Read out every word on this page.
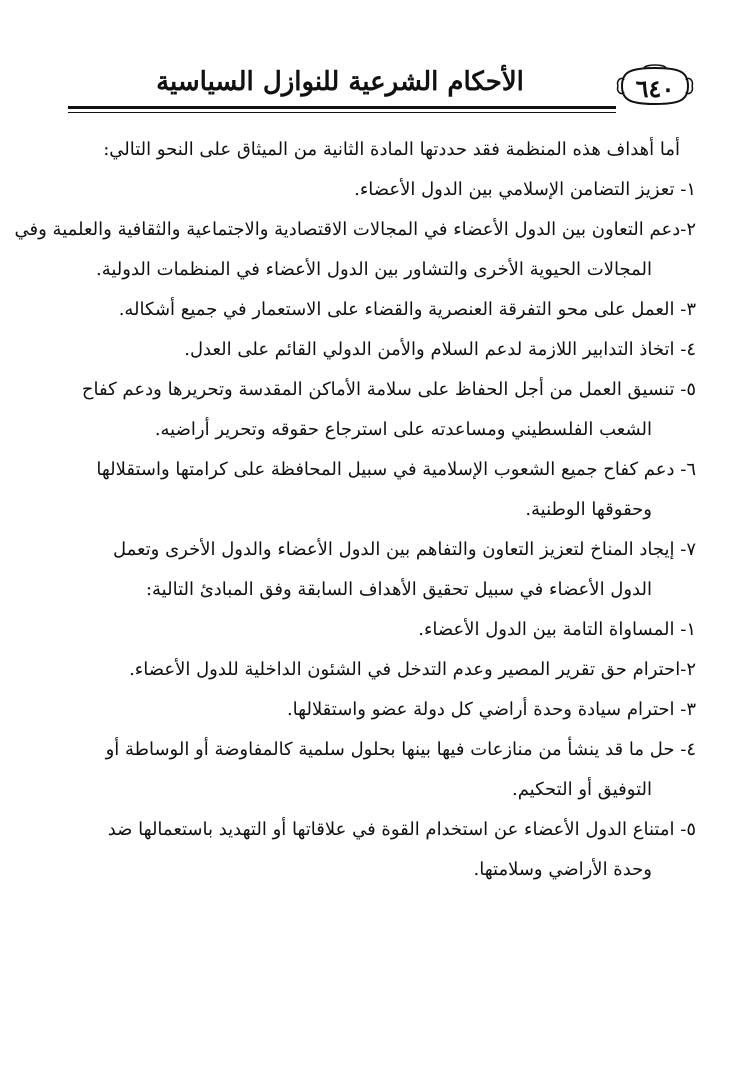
٦٤٠
الأحكام الشرعية للنوازل السياسية
أما أهداف هذه المنظمة فقد حددتها المادة الثانية من الميثاق على النحو التالي:
١- تعزيز التضامن الإسلامي بين الدول الأعضاء.
٢-دعم التعاون بين الدول الأعضاء في المجالات الاقتصادية والاجتماعية والثقافية والعلمية وفي
المجالات الحيوية الأخرى والتشاور بين الدول الأعضاء في المنظمات الدولية.
٣- العمل على محو التفرقة العنصرية والقضاء على الاستعمار في جميع أشكاله.
٤- اتخاذ التدابير اللازمة لدعم السلام والأمن الدولي القائم على العدل.
٥- تنسيق العمل من أجل الحفاظ على سلامة الأماكن المقدسة وتحريرها ودعم كفاح
الشعب الفلسطيني ومساعدته على استرجاع حقوقه وتحرير أراضيه.
٦- دعم كفاح جميع الشعوب الإسلامية في سبيل المحافظة على كرامتها واستقلالها
وحقوقها الوطنية.
٧- إيجاد المناخ لتعزيز التعاون والتفاهم بين الدول الأعضاء والدول الأخرى وتعمل
الدول الأعضاء في سبيل تحقيق الأهداف السابقة وفق المبادئ التالية:
١- المساواة التامة بين الدول الأعضاء.
٢-احترام حق تقرير المصير وعدم التدخل في الشئون الداخلية للدول الأعضاء.
٣- احترام سيادة وحدة أراضي كل دولة عضو واستقلالها.
٤- حل ما قد ينشأ من منازعات فيها بينها بحلول سلمية كالمفاوضة أو الوساطة أو
التوفيق أو التحكيم.
٥- امتناع الدول الأعضاء عن استخدام القوة في علاقاتها أو التهديد باستعمالها ضد
وحدة الأراضي وسلامتها.
